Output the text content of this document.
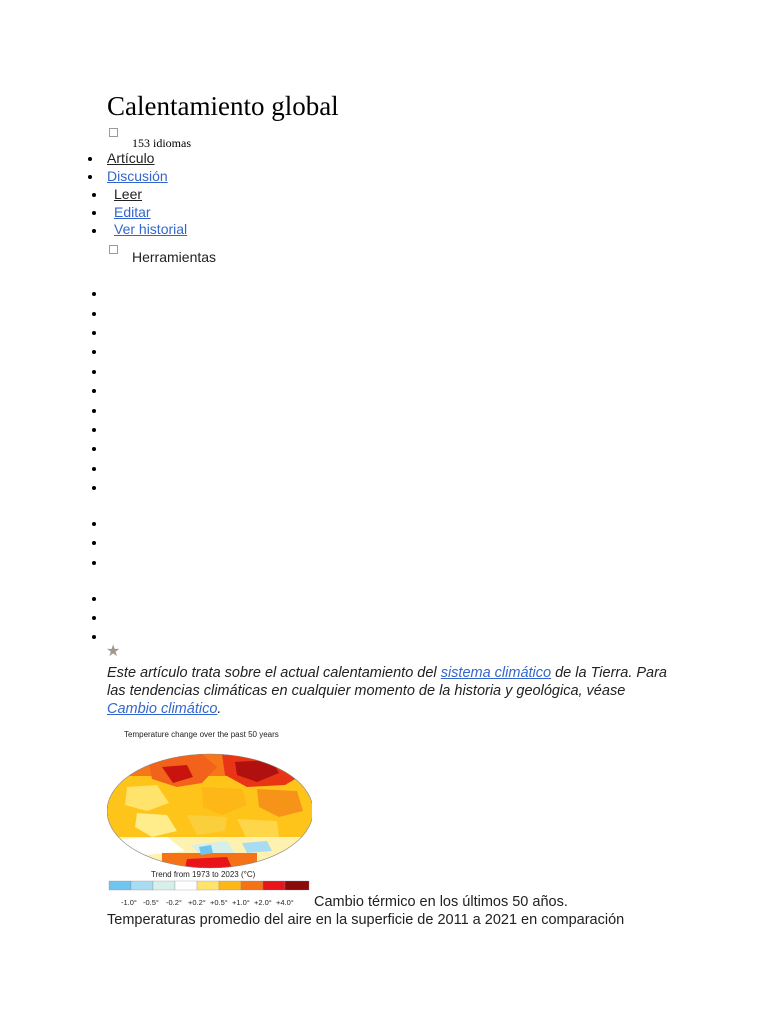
Calentamiento global
153 idiomas
Artículo
Discusión
Leer
Editar
Ver historial
Herramientas
★
Este artículo trata sobre el actual calentamiento del sistema climático de la Tierra. Para las tendencias climáticas en cualquier momento de la historia y geológica, véase Cambio climático.
Temperature change over the past 50 years
Trend from 1973 to 2023 (°C)
-1.0° -0.5° -0.2° +0.2° +0.5° +1.0° +2.0° +4.0° Cambio térmico en los últimos 50 años.
Temperaturas promedio del aire en la superficie de 2011 a 2021 en comparación
